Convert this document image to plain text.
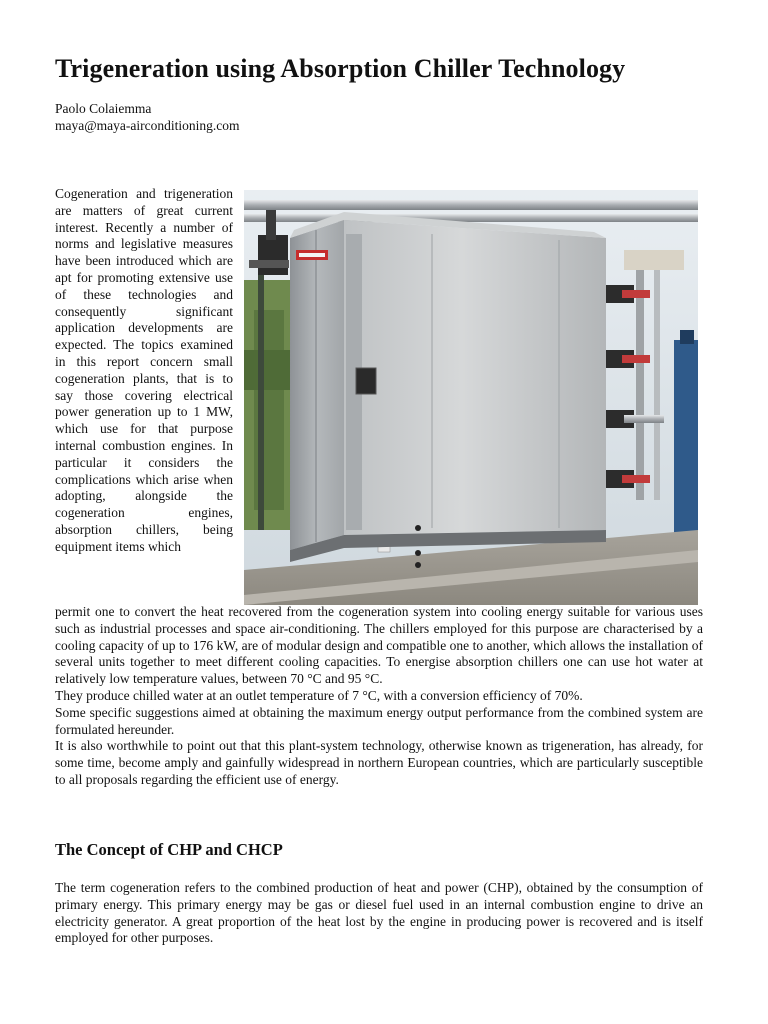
Trigeneration using Absorption Chiller Technology
Paolo Colaiemma
maya@maya-airconditioning.com
Cogeneration and trigeneration are matters of great current interest. Recently a number of norms and legislative measures have been introduced which are apt for promoting extensive use of these technologies and consequently significant application developments are expected. The topics examined in this report concern small cogeneration plants, that is to say those covering electrical power generation up to 1 MW, which use for that purpose internal combustion engines. In particular it considers the complications which arise when adopting, alongside the cogeneration engines, absorption chillers, being equipment items which

permit one to convert the heat recovered from the cogeneration system into cooling energy suitable for various uses such as industrial processes and space air-conditioning. The chillers employed for this purpose are characterised by a cooling capacity of up to 176 kW, are of modular design and compatible one to another, which allows the installation of several units together to meet different cooling capacities. To energise absorption chillers one can use hot water at relatively low temperature values, between 70 °C and 95 °C.

They produce chilled water at an outlet temperature of 7 °C, with a conversion efficiency of 70%.

Some specific suggestions aimed at obtaining the maximum energy output performance from the combined system are formulated hereunder.

It is also worthwhile to point out that this plant-system technology, otherwise known as trigeneration, has already, for some time, become amply and gainfully widespread in northern European countries, which are particularly susceptible to all proposals regarding the efficient use of energy.

The Concept of CHP and CHCP

The term cogeneration refers to the combined production of heat and power (CHP), obtained by the consumption of primary energy. This primary energy may be gas or diesel fuel used in an internal combustion engine to drive an electricity generator. A great proportion of the heat lost by the engine in producing power is recovered and is itself employed for other purposes.
